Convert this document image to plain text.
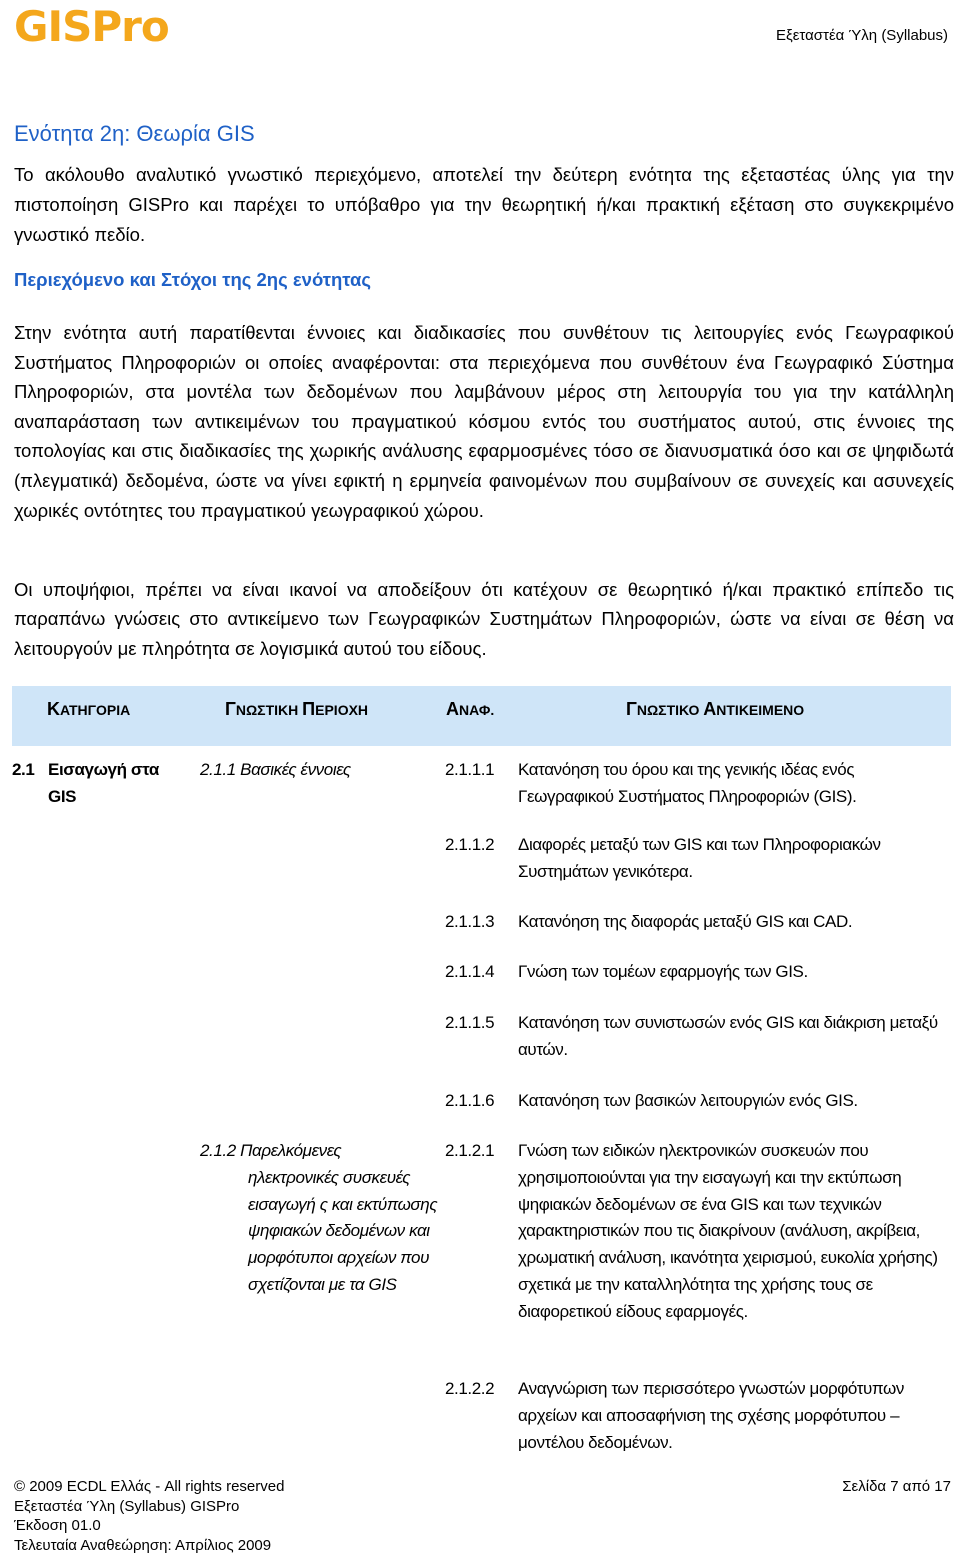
GISPro	Εξεταστέα Ύλη (Syllabus)
Ενότητα 2η: Θεωρία GIS

Το ακόλουθο αναλυτικό γνωστικό περιεχόμενο, αποτελεί την δεύτερη ενότητα της εξεταστέας ύλης για την πιστοποίηση GISPro και παρέχει το υπόβαθρο για την θεωρητική ή/και πρακτική εξέταση στο συγκεκριμένο γνωστικό πεδίο.

Περιεχόμενο και Στόχοι της 2ης ενότητας

Στην ενότητα αυτή παρατίθενται έννοιες και διαδικασίες που συνθέτουν τις λειτουργίες ενός Γεωγραφικού Συστήματος Πληροφοριών οι οποίες αναφέρονται: στα περιεχόμενα που συνθέτουν ένα Γεωγραφικό Σύστημα Πληροφοριών, στα μοντέλα των δεδομένων που λαμβάνουν μέρος στη λειτουργία του για την κατάλληλη αναπαράσταση των αντικειμένων του πραγματικού κόσμου εντός του συστήματος αυτού, στις έννοιες της τοπολογίας και στις διαδικασίες της χωρικής ανάλυσης εφαρμοσμένες τόσο σε διανυσματικά όσο και σε ψηφιδωτά (πλεγματικά) δεδομένα, ώστε να γίνει εφικτή η ερμηνεία φαινομένων που συμβαίνουν σε συνεχείς και ασυνεχείς χωρικές οντότητες του πραγματικού γεωγραφικού χώρου.

Οι υποψήφιοι, πρέπει να είναι ικανοί να αποδείξουν ότι κατέχουν σε θεωρητικό ή/και πρακτικό επίπεδο τις παραπάνω γνώσεις στο αντικείμενο των Γεωγραφικών Συστημάτων Πληροφοριών, ώστε να είναι σε θέση να λειτουργούν με πληρότητα σε λογισμικά αυτού του είδους.

ΚΑΤΗΓΟΡΙΑ	ΓΝΩΣΤΙΚΗ ΠΕΡΙΟΧΗ	ΑΝΑΦ.	ΓΝΩΣΤΙΚΟ ΑΝΤΙΚΕΙΜΕΝΟ
2.1 Εισαγωγή στα GIS
2.1.1 Βασικές έννοιες	2.1.1.1 Κατανόηση του όρου και της γενικής ιδέας ενός Γεωγραφικού Συστήματος Πληροφοριών (GIS).
2.1.1.2 Διαφορές μεταξύ των GIS και των Πληροφοριακών Συστημάτων γενικότερα.
2.1.1.3 Κατανόηση της διαφοράς μεταξύ GIS και CAD.
2.1.1.4 Γνώση των τομέων εφαρμογής των GIS.
2.1.1.5 Κατανόηση των συνιστωσών ενός GIS και διάκριση μεταξύ αυτών.
2.1.1.6 Κατανόηση των βασικών λειτουργιών ενός GIS.
2.1.2 Παρελκόμενες
ηλεκτρονικές συσκευές εισαγωγή ς και εκτύπωσης ψηφιακών δεδομένων και μορφότυποι αρχείων που σχετίζονται με τα GIS
2.1.2.1 Γνώση των ειδικών ηλεκτρονικών συσκευών που χρησιμοποιούνται για την εισαγωγή και την εκτύπωση ψηφιακών δεδομένων σε ένα GIS και των τεχνικών χαρακτηριστικών που τις διακρίνουν (ανάλυση, ακρίβεια, χρωματική ανάλυση, ικανότητα χειρισμού, ευκολία χρήσης) σχετικά με την καταλληλότητα της χρήσης τους σε διαφορετικού είδους εφαρμογές.
2.1.2.2 Αναγνώριση των περισσότερο γνωστών μορφότυπων αρχείων και αποσαφήνιση της σχέσης μορφότυπου – μοντέλου δεδομένων.
© 2009 ECDL Ελλάς - All rights reserved
Εξεταστέα Ύλη (Syllabus) GISPro
Έκδοση 01.0
Τελευταία Αναθεώρηση: Απρίλιος 2009
Σελίδα 7 από 17
